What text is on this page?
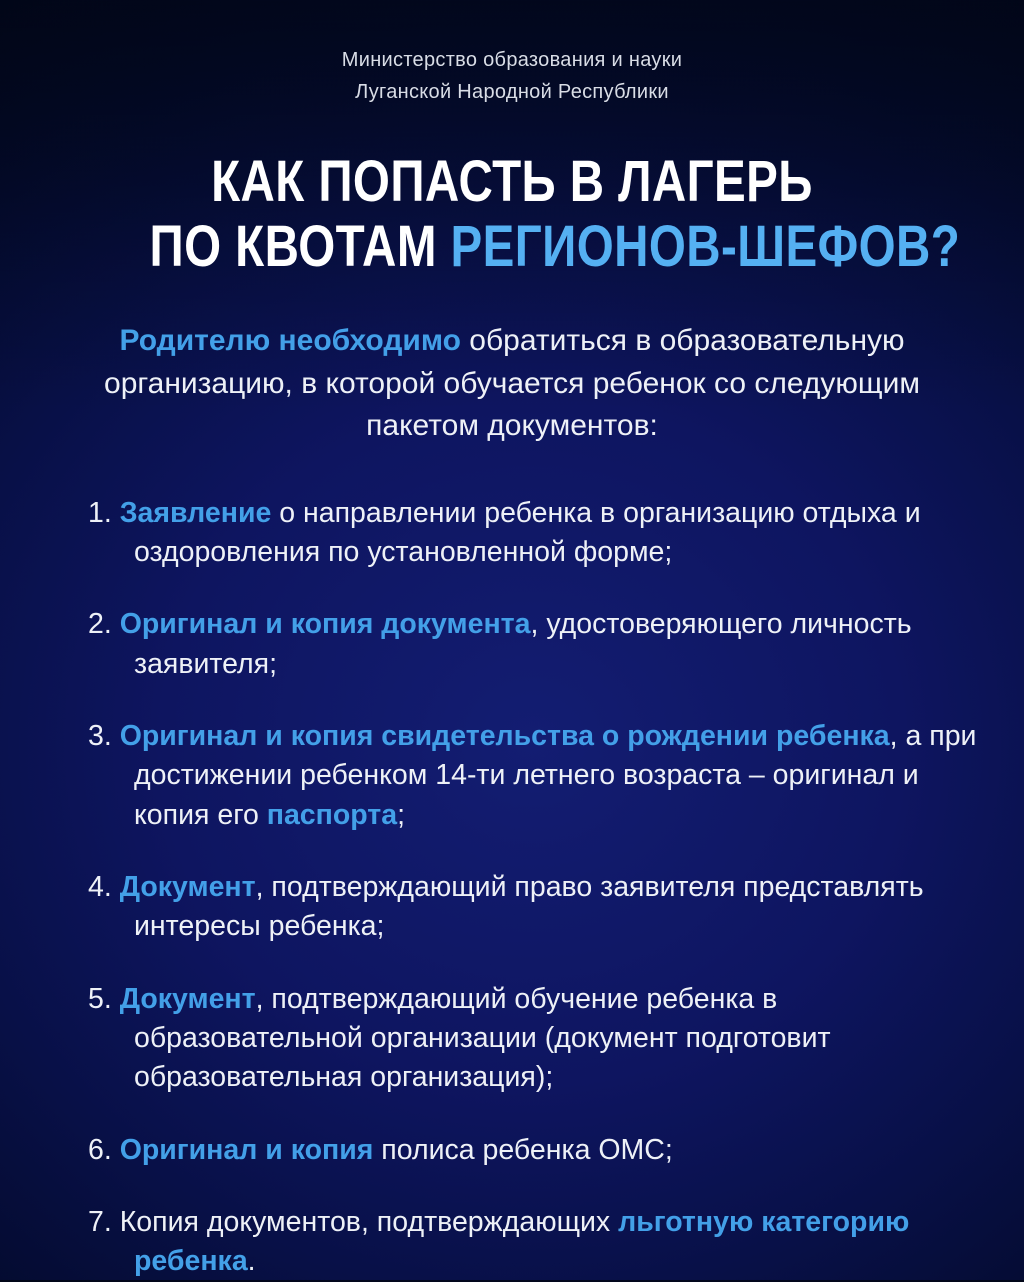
Министерство образования и науки
Луганской Народной Республики
КАК ПОПАСТЬ В ЛАГЕРЬ
ПО КВОТАМ РЕГИОНОВ-ШЕФОВ?

Родителю необходимо обратиться в образовательную организацию, в которой обучается ребенок со следующим пакетом документов:

1. Заявление о направлении ребенка в организацию отдыха и оздоровления по установленной форме;
2. Оригинал и копия документа, удостоверяющего личность заявителя;
3. Оригинал и копия свидетельства о рождении ребенка, а при достижении ребенком 14-ти летнего возраста – оригинал и копия его паспорта;
4. Документ, подтверждающий право заявителя представлять интересы ребенка;
5. Документ, подтверждающий обучение ребенка в образовательной организации (документ подготовит образовательная организация);
6. Оригинал и копия полиса ребенка ОМС;
7. Копия документов, подтверждающих льготную категорию ребенка.
